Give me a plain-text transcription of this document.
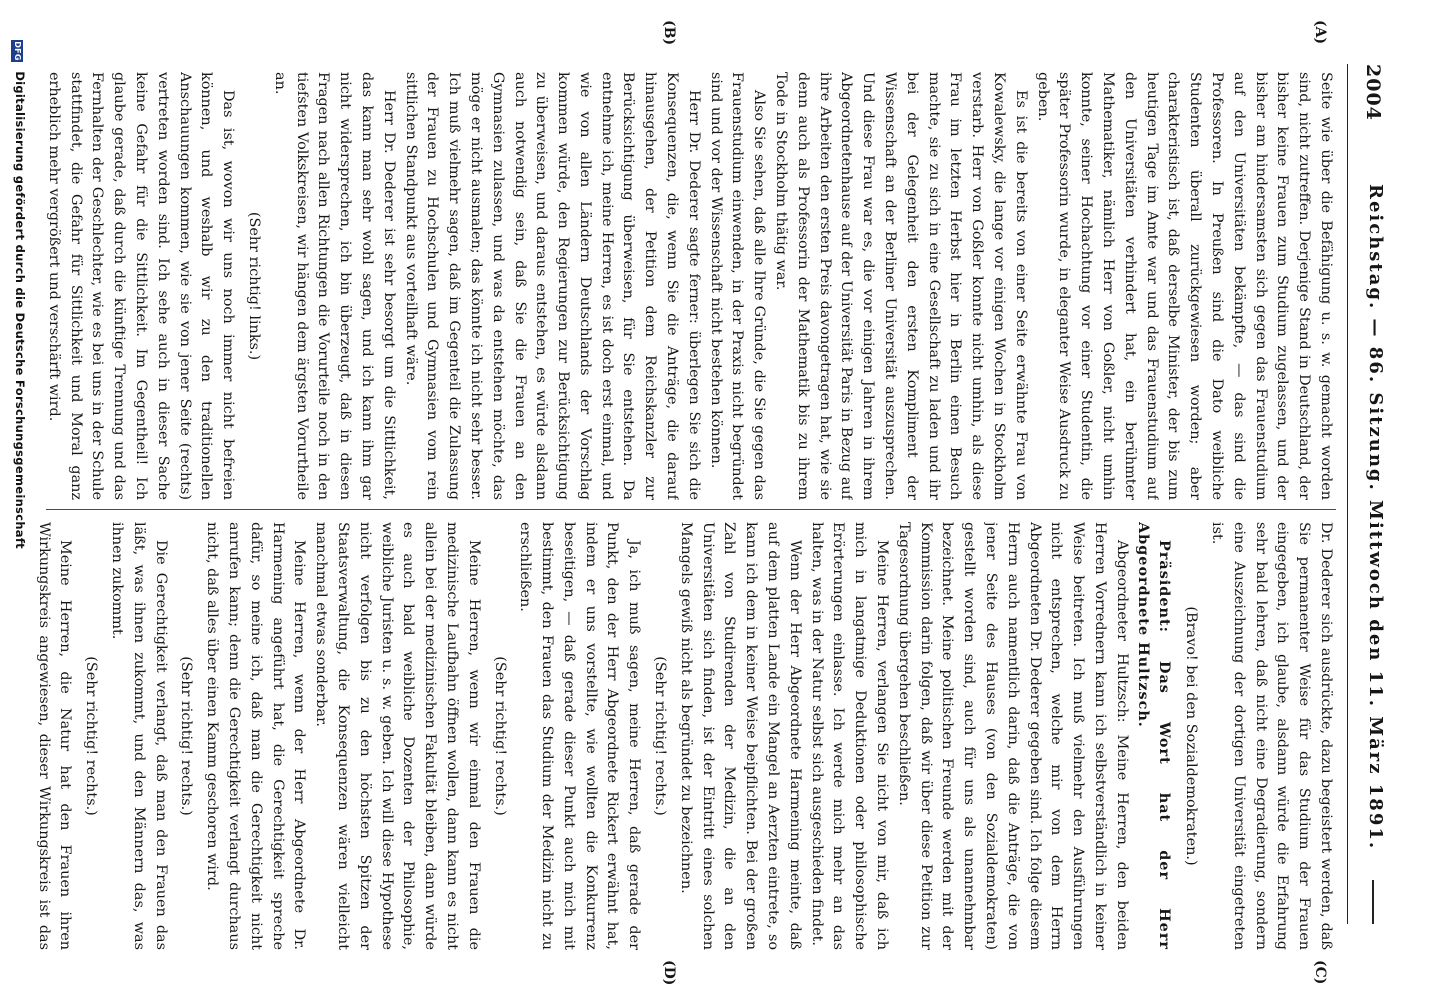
2004
Reichstag. — 86. Sitzung. Mittwoch den 11. März 1891.
(A)
(B)
(C)
(D)

Seite wie über die Befähigung u. s. w. gemacht worden sind, nicht zutreffen. Derjenige Stand in Deutschland, der bisher keine Frauen zum Studium zugelassen, und der bisher am hindersamsten sich gegen das Frauenstudium auf den Universitäten bekämpfte, — das sind die Professoren. In Preußen sind die Dato weibliche Studenten überall zurückgewiesen worden; aber charakteristisch ist, daß derselbe Minister, der bis zum heutigen Tage im Amte war und das Frauenstudium auf den Universitäten verhindert hat, ein berühmter Mathematiker, nämlich Herr von Goßler, nicht umhin konnte, seiner Hochachtung vor einer Studentin, die später Professorin wurde, in eleganter Weise Ausdruck zu geben.

Es ist die bereits von einer Seite erwähnte Frau von Kowalewsky, die lange vor einigen Wochen in Stockholm verstarb. Herr von Goßler konnte nicht umhin, als diese Frau im letzten Herbst hier in Berlin einen Besuch machte, sie zu sich in eine Gesellschaft zu laden und ihr bei der Gelegenheit den ersten Kompliment der Wissenschaft an der Berliner Universität auszusprechen. Und diese Frau war es, die vor einigen Jahren in ihrem Abgeordnetenhause auf der Universität Paris in Bezug auf ihre Arbeiten den ersten Preis davongetragen hat, wie sie denn auch als Professorin der Mathematik bis zu ihrem Tode in Stockholm thätig war.

Also Sie sehen, daß alle Ihre Gründe, die Sie gegen das Frauenstudium einwenden, in der Praxis nicht begründet sind und vor der Wissenschaft nicht bestehen können.

Herr Dr. Dederer sagte ferner: überlegen Sie sich die Konsequenzen, die, wenn Sie die Anträge, die darauf hinausgehen, der Petition dem Reichskanzler zur Berücksichtigung überweisen, für Sie entstehen. Da entnehme ich, meine Herren, es ist doch erst einmal, und wie von allen Ländern Deutschlands der Vorschlag kommen würde, den Regierungen zur Berücksichtigung zu überweisen, und daraus entstehen, es würde alsdann auch notwendig sein, daß Sie die Frauen an den Gymnasien zulassen, und was da entstehen möchte, das möge er nicht ausmalen; das könnte ich nicht sehr besser. Ich muß vielmehr sagen, daß im Gegenteil die Zulassung der Frauen zu Hochschulen und Gymnasien vom rein sittlichen Standpunkt aus vorteilhaft wäre.

Herr Dr. Dederer ist sehr besorgt um die Sittlichkeit, das kann man sehr wohl sagen, und ich kann ihm gar nicht widersprechen, ich bin überzeugt, daß in diesen Fragen nach allen Richtungen die Vorurteile noch in den tiefsten Volkskreisen, wir hängen dem ärgsten Vorurtheile an.

(Sehr richtig! links.)

Das ist, wovon wir uns noch immer nicht befreien können, und weshalb wir zu den traditionellen Anschauungen kommen, wie sie von jener Seite (rechts) vertreten worden sind. Ich sehe auch in dieser Sache keine Gefahr für die Sittlichkeit. Im Gegentheil! Ich glaube gerade, daß durch die künftige Trennung und das Fernhalten der Geschlechter, wie es bei uns in der Schule stattfindet, die Gefahr für Sittlichkeit und Moral ganz erheblich mehr vergrößert und verschärft wird.

Dr. Dederer sich ausdrückte, dazu begeistert werden, daß Sie permanenter Weise für das Studium der Frauen eingegeben, ich glaube, alsdann würde die Erfahrung sehr bald lehren, daß nicht eine Degradierung, sondern eine Auszeichnung der dortigen Universität eingetreten ist.

(Bravo! bei den Sozialdemokraten.)

Präsident: Das Wort hat der Herr Abgeordnete Hultzsch.

Abgeordneter Hultzsch: Meine Herren, den beiden Herren Vorrednern kann ich selbstverständlich in keiner Weise beitreten. Ich muß vielmehr den Ausführungen nicht entsprechen, welche mir von dem Herrn Abgeordneten Dr. Dederer gegeben sind. Ich folge diesem Herrn auch namentlich darin, daß die Anträge, die von jener Seite des Hauses (von den Sozialdemokraten) gestellt worden sind, auch für uns als unannehmbar bezeichnet. Meine politischen Freunde werden mit der Kommission darin folgen, daß wir über diese Petition zur Tagesordnung übergehen beschließen.

Meine Herren, verlangen Sie nicht von mir, daß ich mich in langatmige Deduktionen oder philosophische Erörterungen einlasse. Ich werde mich mehr an das halten, was in der Natur selbst sich ausgeschieden findet.

Wenn der Herr Abgeordnete Harmening meinte, daß auf dem platten Lande ein Mangel an Aerzten eintrete, so kann ich dem in keiner Weise beipflichten. Bei der großen Zahl von Studirenden der Medizin, die an den Universitäten sich finden, ist der Eintritt eines solchen Mangels gewiß nicht als begründet zu bezeichnen.

(Sehr richtig! rechts.)

Ja, ich muß sagen, meine Herren, daß gerade der Punkt, den der Herr Abgeordnete Rickert erwähnt hat, indem er uns vorstellte, wie wollten die Konkurrenz beseitigen, — daß gerade dieser Punkt auch mich mit bestimmt, den Frauen das Studium der Medizin nicht zu erschließen.

(Sehr richtig! rechts.)

Meine Herren, wenn wir einmal den Frauen die medizinische Laufbahn öffnen wollen, dann kann es nicht allein bei der medizinischen Fakultät bleiben, dann würde es auch bald weibliche Dozenten der Philosophie, weibliche Juristen u. s. w. geben. Ich will diese Hypothese nicht verfolgen bis zu den höchsten Spitzen der Staatsverwaltung, die Konsequenzen wären vielleicht manchmal etwas sonderbar.

Meine Herren, wenn der Herr Abgeordnete Dr. Harmening angeführt hat, die Gerechtigkeit spreche dafür, so meine ich, daß man die Gerechtigkeit nicht anrufen kann; denn die Gerechtigkeit verlangt durchaus nicht, daß alles über einen Kamm geschoren wird.

(Sehr richtig! rechts.)

Die Gerechtigkeit verlangt, daß man den Frauen das läßt, was ihnen zukommt, und den Männern das, was ihnen zukommt.

(Sehr richtig! rechts.)

Meine Herren, die Natur hat den Frauen ihren Wirkungskreis angewiesen, dieser Wirkungskreis ist das

DFG Digitalisierung gefördert durch die Deutsche Forschungsgemeinschaft
